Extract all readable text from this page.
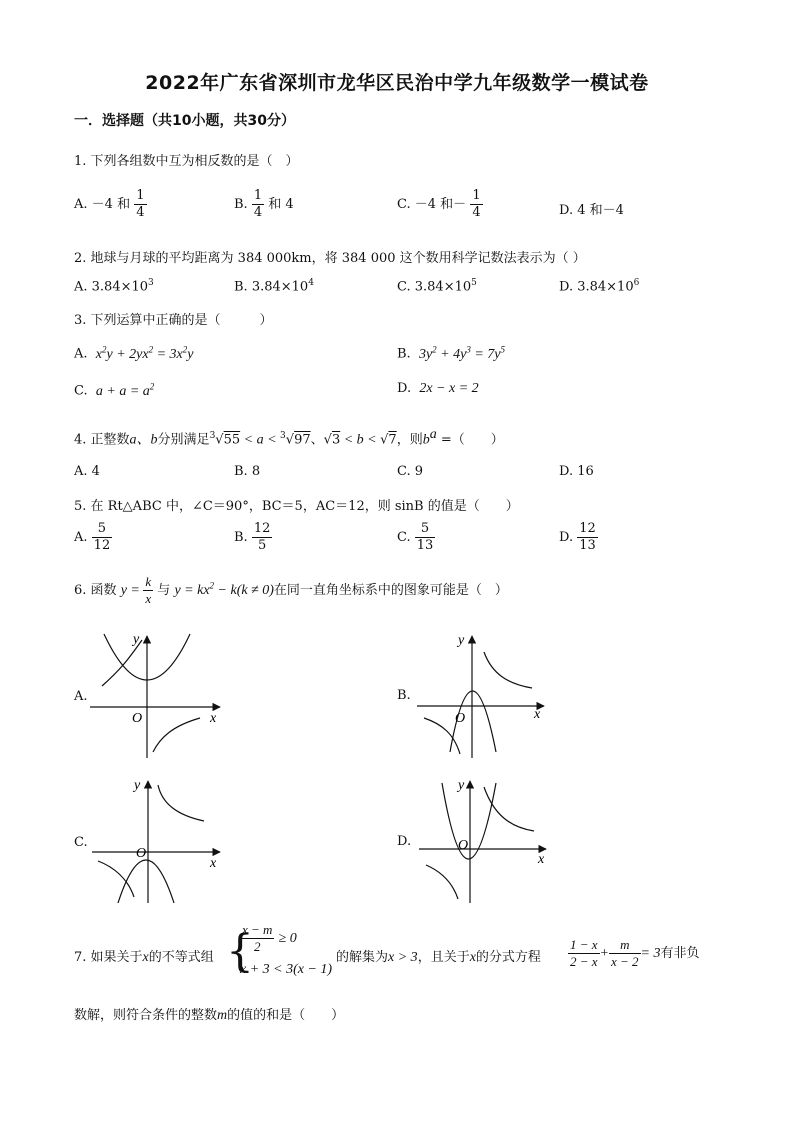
2022年广东省深圳市龙华区民治中学九年级数学一模试卷
一．选择题（共10小题，共30分）
1. 下列各组数中互为相反数的是（　）
A. －4 和 $\frac{1}{4}$	B. $\frac{1}{4}$ 和 4	C. －4 和－ $\frac{1}{4}$	D. 4 和－4
2. 地球与月球的平均距离为 384 000km，将 384 000 这个数用科学记数法表示为（ ）
A. $3.84\times 10^3$	B. $3.84\times 10^4$	C. $3.84\times 10^5$	D. $3.84\times 10^6$
3. 下列运算中正确的是（　　　）
A. $x^2y + 2yx^2 = 3x^2y$	B. $3y^2 + 4y^3 = 7y^5$
C. $a + a = a^2$	D. 2x − x = 2
4. 正整数a、b分别满足$^3$√55 < a < $^3$√97、√3 < b < √7，则$b^a$ =（　　）
A. 4	B. 8	C. 9	D. 16
5. 在 Rt△ABC 中，∠C＝90°，BC＝5，AC＝12，则 sinB 的值是（　　）
A. $\frac{5}{12}$	B. $\frac{12}{5}$	C. $\frac{5}{13}$	D. $\frac{12}{13}$
6. 函数 $y = \frac{k}{x}$ 与 $y = kx^2 - k(k \ne 0)$在同一直角坐标系中的图象可能是（　）
A.	B.
C.	D.
y
x
O
y
x
O
y
x
O
y
x
O
7. 如果关于x的不等式组 {
$\frac{x - m}{2} \ge 0$
x + 3 < 3(x − 1)
的解集为x > 3，且关于x的分式方程 $\frac{1 - x}{2 - x} + \frac{m}{x - 2} = 3$有非负
数解，则符合条件的整数m的值的和是（　　）
